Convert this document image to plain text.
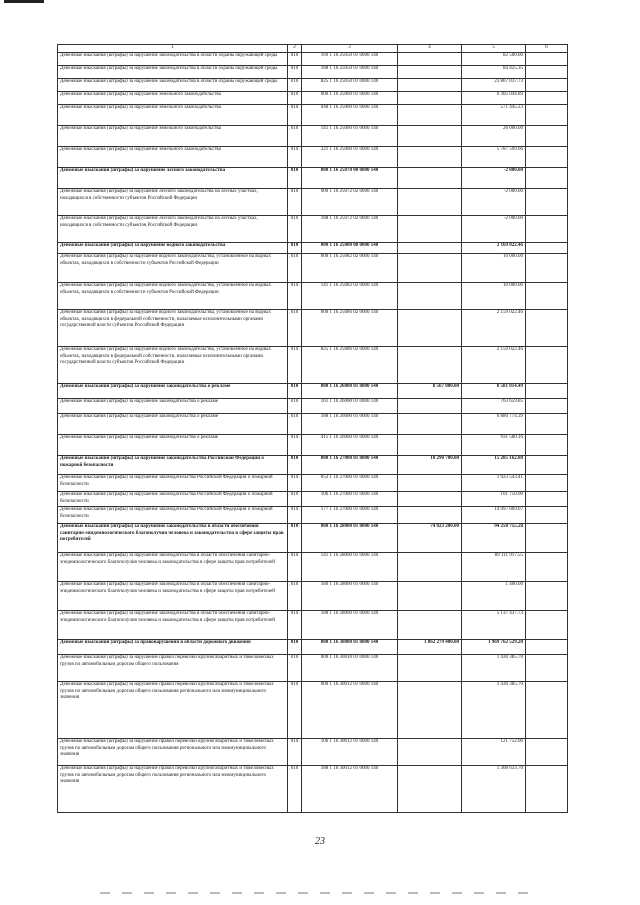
1	2	3	4	5	6
Денежные взыскания (штрафы) за нарушение законодательства в области охраны окружающей среды	010	169 1 16 25050 01 0000 140		82 500.00	
Денежные взыскания (штрафы) за нарушение законодательства в области охраны окружающей среды	010	188 1 16 25050 01 0000 140		84 425.35	
Денежные взыскания (штрафы) за нарушение законодательства в области охраны окружающей среды	010	825 1 16 25050 01 0000 140		23 867 037.73	
Денежные взыскания (штрафы) за нарушение земельного законодательства	010	000 1 16 25060 01 0000 140		6 305 044.89	
Денежные взыскания (штрафы) за нарушение земельного законодательства	010	048 1 16 25060 01 0000 140		571 445.23	
Денежные взыскания (штрафы) за нарушение земельного законодательства	010	141 1 16 25060 01 0000 140		26 000.00	
Денежные взыскания (штрафы) за нарушение земельного законодательства	010	321 1 16 25060 01 0000 140		5 787 599.66	
Денежные взыскания (штрафы) за нарушение лесного законодательства	010	000 1 16 25070 00 0000 140		-2 000.00	
Денежные взыскания (штрафы) за нарушение лесного законодательства на лесных участках, находящихся в собственности субъектов Российской Федерации	010	000 1 16 25072 02 0000 140		-2 000.00	
Денежные взыскания (штрафы) за нарушение лесного законодательства на лесных участках, находящихся в собственности субъектов Российской Федерации	010	188 1 16 25072 02 0000 140		-2 000.00	
Денежные взыскания (штрафы) за нарушение водного законодательства	010	000 1 16 25080 00 0000 140		2 169 022.46	
Денежные взыскания (штрафы) за нарушение водного законодательства, установленное на водных объектах, находящихся в собственности субъектов Российской Федерации	010	000 1 16 25082 02 0000 140		10 000.00	
Денежные взыскания (штрафы) за нарушение водного законодательства, установленное на водных объектах, находящихся в собственности субъектов Российской Федерации	010	141 1 16 25082 02 0000 140		10 000.00	
Денежные взыскания (штрафы) за нарушение водного законодательства, установленное на водных объектах, находящихся в федеральной собственности, налагаемые исполнительными органами государственной власти субъектов Российской Федерации	010	000 1 16 25086 02 0000 140		2 159 022.46	
Денежные взыскания (штрафы) за нарушение водного законодательства, установленное на водных объектах, находящихся в федеральной собственности, налагаемые исполнительными органами государственной власти субъектов Российской Федерации	010	825 1 16 25086 02 0000 140		2 159 022.46	
Денежные взыскания (штрафы) за нарушение законодательства о рекламе	010	000 1 16 26000 01 0000 140	8 567 000.00	8 581 014.49	
Денежные взыскания (штрафы) за нарушение законодательства о рекламе	010	161 1 16 26000 01 0000 140		763 659.85	
Денежные взыскания (штрафы) за нарушение законодательства о рекламе	010	188 1 16 26000 01 0000 140		6 880 774.39	
Денежные взыскания (штрафы) за нарушение законодательства о рекламе	010	415 1 16 26000 01 0000 140		931 580.16	
Денежные взыскания (штрафы) за нарушение законодательства Российской Федерации о пожарной безопасности	010	000 1 16 27000 01 0000 140	10 290 700.00	15 285 162.88	
Денежные взыскания (штрафы) за нарушение законодательства Российской Федерации о пожарной безопасности	010	053 1 16 27000 01 0000 140		1 023 543.41	
Денежные взыскания (штрафы) за нарушение законодательства Российской Федерации о пожарной безопасности	010	106 1 16 27000 01 0000 140		101 750.00	
Денежные взыскания (штрафы) за нарушение законодательства Российской Федерации о пожарной безопасности	010	177 1 16 27000 01 0000 140		14 097 869.67	
Денежные взыскания (штрафы) за нарушение законодательства в области обеспечения санитарно-эпидемиологического благополучия человека и законодательства в сфере защиты прав потребителей	010	000 1 16 28000 01 0000 140	74 023 200.00	94 250 755.28	
Денежные взыскания (штрафы) за нарушение законодательства в области обеспечения санитарно-эпидемиологического благополучия человека и законодательства в сфере защиты прав потребителей	010	141 1 16 28000 01 0000 140		89 111 917.55	
Денежные взыскания (штрафы) за нарушение законодательства в области обеспечения санитарно-эпидемиологического благополучия человека и законодательства в сфере защиты прав потребителей	010	180 1 16 28000 01 0000 140		1 400.00	
Денежные взыскания (штрафы) за нарушение законодательства в области обеспечения санитарно-эпидемиологического благополучия человека и законодательства в сфере защиты прав потребителей	010	188 1 16 28000 01 0000 140		5 137 437.73	
Денежные взыскания (штрафы) за правонарушения в области дорожного движения	010	000 1 16 30000 01 0000 140	1 862 279 400.00	1 969 762 529.20	
Денежные взыскания (штрафы) за нарушение правил перевозки крупногабаритных и тяжеловесных грузов по автомобильным дорогам общего пользования	010	000 1 16 30010 01 0000 140		1 430 385.70	
Денежные взыскания (штрафы) за нарушение правил перевозки крупногабаритных и тяжеловесных грузов по автомобильным дорогам общего пользования регионального или межмуниципального значения	010	000 1 16 30012 01 0000 140		1 430 385.70	
Денежные взыскания (штрафы) за нарушение правил перевозки крупногабаритных и тяжеловесных грузов по автомобильным дорогам общего пользования регионального или межмуниципального значения	010	106 1 16 30012 01 0000 140		121 752.00	
Денежные взыскания (штрафы) за нарушение правил перевозки крупногабаритных и тяжеловесных грузов по автомобильным дорогам общего пользования регионального или межмуниципального значения	010	188 1 16 30012 01 0000 140		1 308 633.70	
23
